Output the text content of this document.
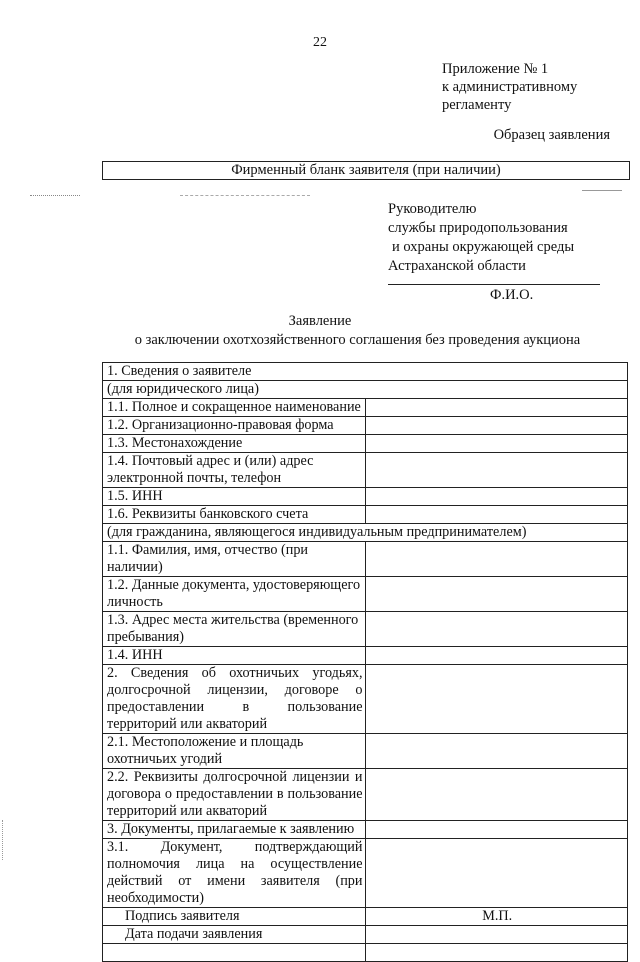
22
Приложение № 1
к административному
регламенту
Образец заявления
Фирменный бланк заявителя (при наличии)
Руководителю
службы природопользования
и охраны окружающей среды
Астраханской области
Ф.И.О.
Заявление
о заключении охотхозяйственного соглашения без проведения аукциона
1. Сведения о заявителе	
(для юридического лица)	
1.1. Полное и сокращенное наименование	
1.2. Организационно-правовая форма	
1.3. Местонахождение	
1.4. Почтовый адрес и (или) адрес электронной почты, телефон	
1.5. ИНН	
1.6. Реквизиты банковского счета	
(для гражданина, являющегося индивидуальным предпринимателем)	
1.1. Фамилия, имя, отчество (при наличии)	
1.2. Данные документа, удостоверяющего личность	
1.3. Адрес места жительства (временного пребывания)	
1.4. ИНН	
2. Сведения об охотничьих угодьях, долгосрочной лицензии, договоре о предоставлении в пользование территорий или акваторий	
2.1. Местоположение и площадь охотничьих угодий	
2.2. Реквизиты долгосрочной лицензии и договора о предоставлении в пользование территорий или акваторий	
3. Документы, прилагаемые к заявлению	
3.1. Документ, подтверждающий полномочия лица на осуществление действий от имени заявителя (при необходимости)	
Подпись заявителя	М.П.
Дата подачи заявления	
